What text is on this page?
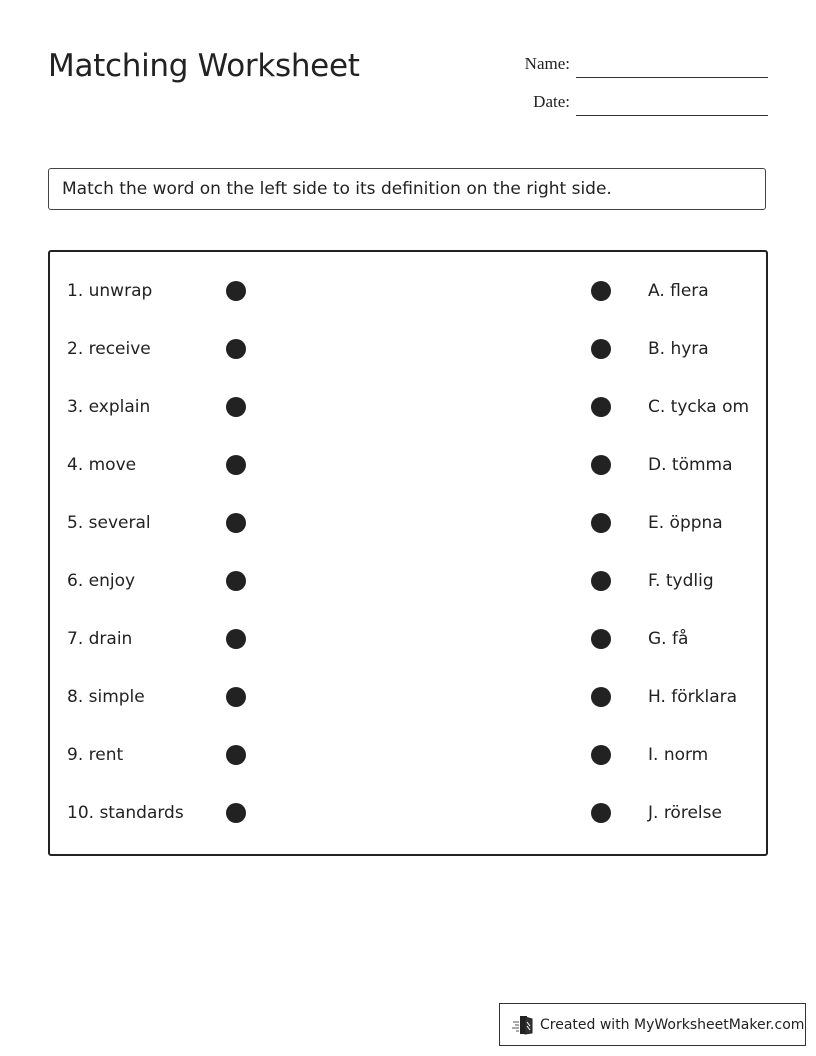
Matching Worksheet	Name:
Date:
Match the word on the left side to its definition on the right side.
1. unwrap	A. flera
2. receive	B. hyra
3. explain	C. tycka om
4. move	D. tömma
5. several	E. öppna
6. enjoy	F. tydlig
7. drain	G. få
8. simple	H. förklara
9. rent	I. norm
10. standards	J. rörelse
Created with MyWorksheetMaker.com
